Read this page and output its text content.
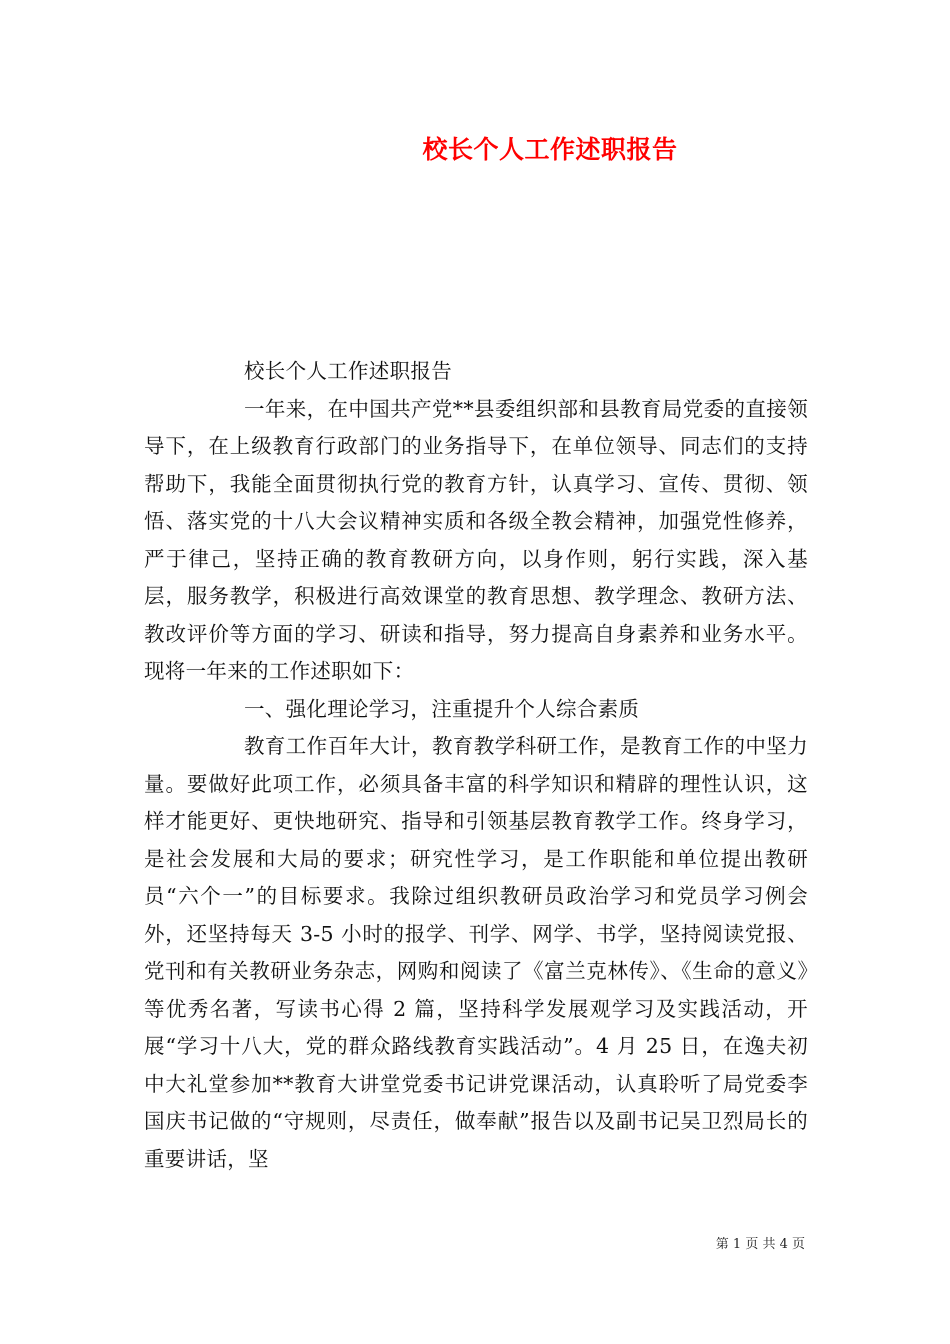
校长个人工作述职报告

校长个人工作述职报告

一年来，在中国共产党**县委组织部和县教育局党委的直接领导下，在上级教育行政部门的业务指导下，在单位领导、同志们的支持帮助下，我能全面贯彻执行党的教育方针，认真学习、宣传、贯彻、领悟、落实党的十八大会议精神实质和各级全教会精神，加强党性修养，严于律己，坚持正确的教育教研方向，以身作则，躬行实践，深入基层，服务教学，积极进行高效课堂的教育思想、教学理念、教研方法、教改评价等方面的学习、研读和指导，努力提高自身素养和业务水平。现将一年来的工作述职如下：

一、强化理论学习，注重提升个人综合素质

教育工作百年大计，教育教学科研工作，是教育工作的中坚力量。要做好此项工作，必须具备丰富的科学知识和精辟的理性认识，这样才能更好、更快地研究、指导和引领基层教育教学工作。终身学习，是社会发展和大局的要求；研究性学习，是工作职能和单位提出教研员“六个一”的目标要求。我除过组织教研员政治学习和党员学习例会外，还坚持每天 3-5 小时的报学、刊学、网学、书学，坚持阅读党报、党刊和有关教研业务杂志，网购和阅读了《富兰克林传》、《生命的意义》等优秀名著，写读书心得 2 篇，坚持科学发展观学习及实践活动，开展“学习十八大，党的群众路线教育实践活动”。4 月 25 日，在逸夫初中大礼堂参加**教育大讲堂党委书记讲党课活动，认真聆听了局党委李国庆书记做的“守规则，尽责任，做奉献”报告以及副书记吴卫烈局长的重要讲话，坚

第 1 页 共 4 页
